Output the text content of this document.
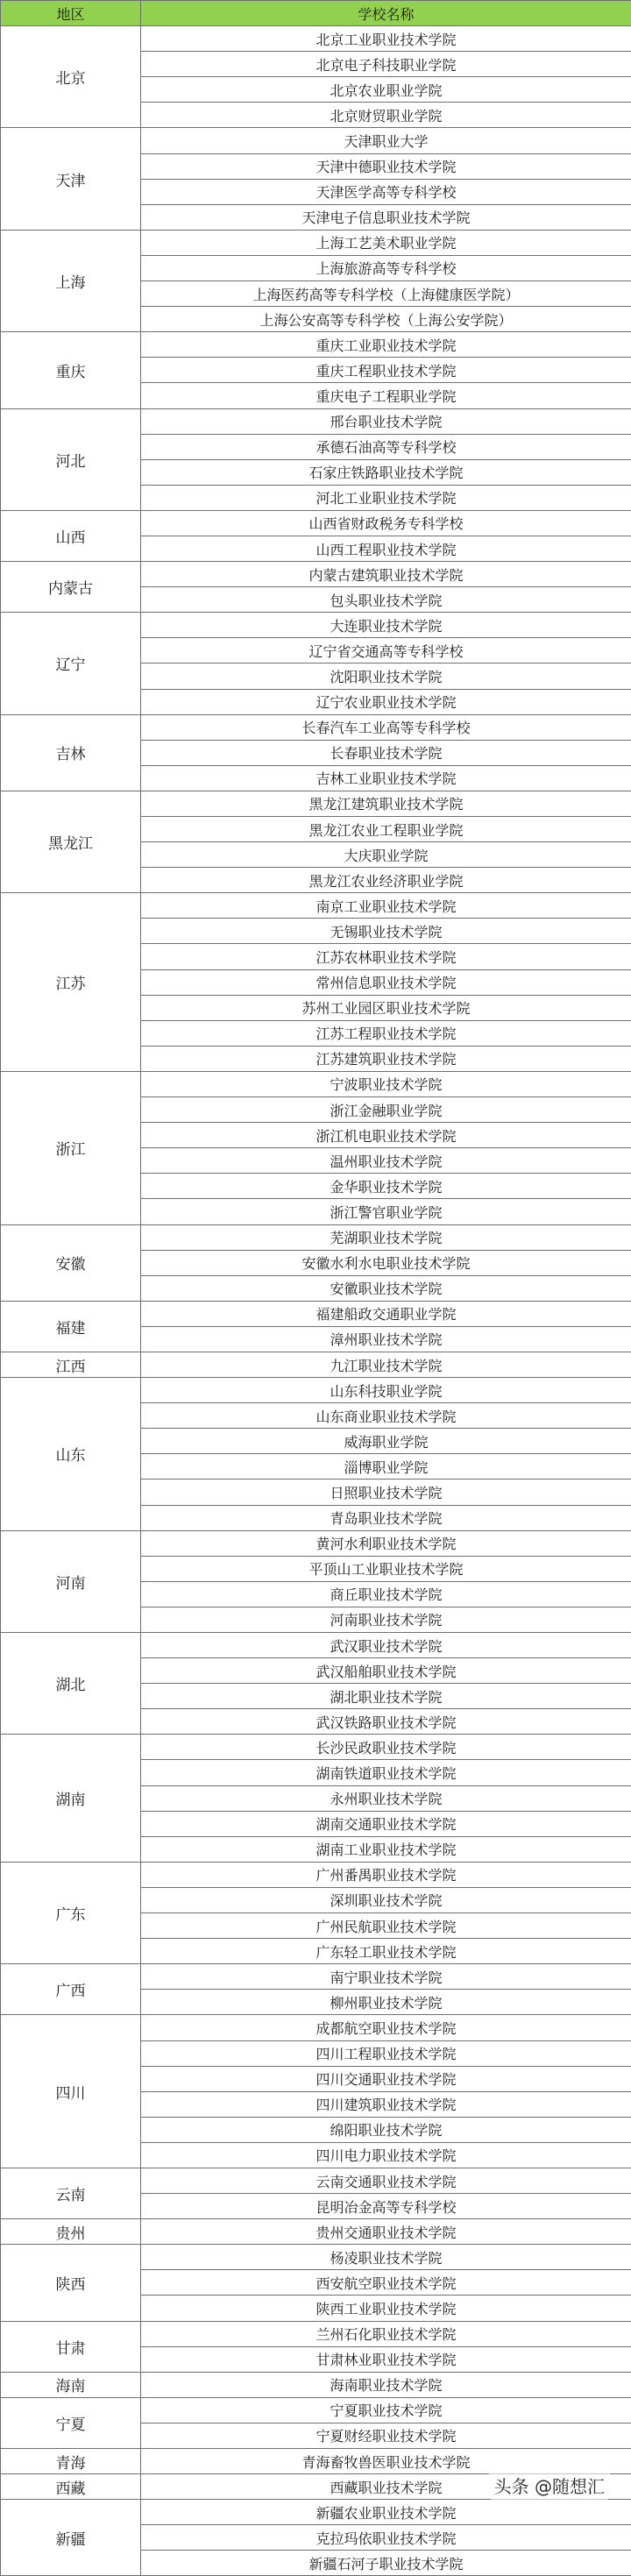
地区	学校名称
北京	北京工业职业技术学院
	北京电子科技职业学院
	北京农业职业学院
	北京财贸职业学院
天津	天津职业大学
	天津中德职业技术学院
	天津医学高等专科学校
	天津电子信息职业技术学院
上海	上海工艺美术职业学院
	上海旅游高等专科学校
	上海医药高等专科学校（上海健康医学院）
	上海公安高等专科学校（上海公安学院）
重庆	重庆工业职业技术学院
	重庆工程职业技术学院
	重庆电子工程职业学院
河北	邢台职业技术学院
	承德石油高等专科学校
	石家庄铁路职业技术学院
	河北工业职业技术学院
山西	山西省财政税务专科学校
	山西工程职业技术学院
内蒙古	内蒙古建筑职业技术学院
	包头职业技术学院
辽宁	大连职业技术学院
	辽宁省交通高等专科学校
	沈阳职业技术学院
	辽宁农业职业技术学院
吉林	长春汽车工业高等专科学校
	长春职业技术学院
	吉林工业职业技术学院
黑龙江	黑龙江建筑职业技术学院
	黑龙江农业工程职业学院
	大庆职业学院
	黑龙江农业经济职业学院
江苏	南京工业职业技术学院
	无锡职业技术学院
	江苏农林职业技术学院
	常州信息职业技术学院
	苏州工业园区职业技术学院
	江苏工程职业技术学院
	江苏建筑职业技术学院
浙江	宁波职业技术学院
	浙江金融职业学院
	浙江机电职业技术学院
	温州职业技术学院
	金华职业技术学院
	浙江警官职业学院
安徽	芜湖职业技术学院
	安徽水利水电职业技术学院
	安徽职业技术学院
福建	福建船政交通职业学院
	漳州职业技术学院
江西	九江职业技术学院
山东	山东科技职业学院
	山东商业职业技术学院
	威海职业学院
	淄博职业学院
	日照职业技术学院
	青岛职业技术学院
河南	黄河水利职业技术学院
	平顶山工业职业技术学院
	商丘职业技术学院
	河南职业技术学院
湖北	武汉职业技术学院
	武汉船舶职业技术学院
	湖北职业技术学院
	武汉铁路职业技术学院
湖南	长沙民政职业技术学院
	湖南铁道职业技术学院
	永州职业技术学院
	湖南交通职业技术学院
	湖南工业职业技术学院
广东	广州番禺职业技术学院
	深圳职业技术学院
	广州民航职业技术学院
	广东轻工职业技术学院
广西	南宁职业技术学院
	柳州职业技术学院
四川	成都航空职业技术学院
	四川工程职业技术学院
	四川交通职业技术学院
	四川建筑职业技术学院
	绵阳职业技术学院
	四川电力职业技术学院
云南	云南交通职业技术学院
	昆明冶金高等专科学校
贵州	贵州交通职业技术学院
陕西	杨凌职业技术学院
	西安航空职业技术学院
	陕西工业职业技术学院
甘肃	兰州石化职业技术学院
	甘肃林业职业技术学院
海南	海南职业技术学院
宁夏	宁夏职业技术学院
	宁夏财经职业技术学院
青海	青海畜牧兽医职业技术学院
西藏	西藏职业技术学院
新疆	新疆农业职业技术学院
	克拉玛依职业技术学院
	新疆石河子职业技术学院
头条 @随想汇
